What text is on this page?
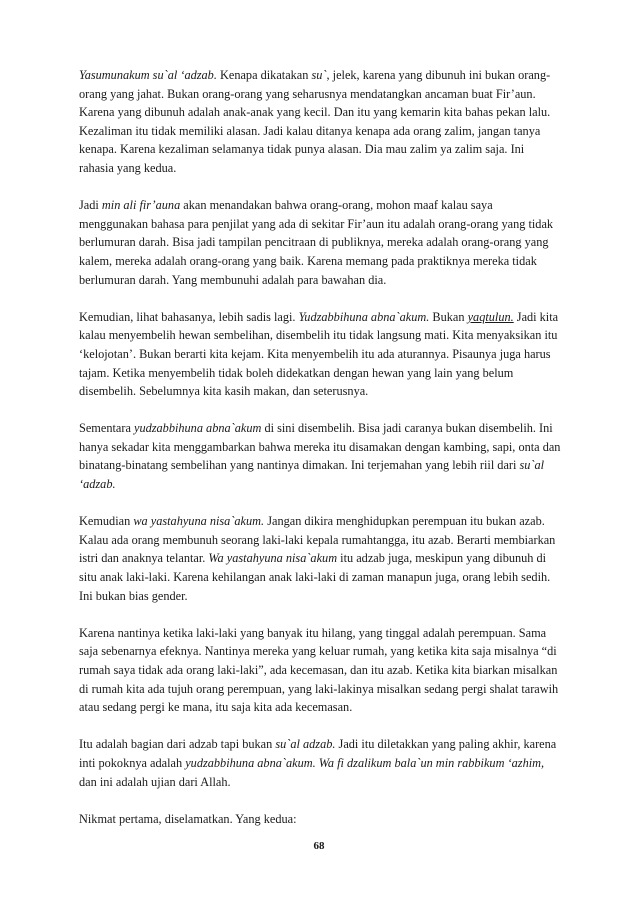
Yasumunakum su`al ‘adzab. Kenapa dikatakan su`, jelek, karena yang dibunuh ini bukan orang-orang yang jahat. Bukan orang-orang yang seharusnya mendatangkan ancaman buat Fir’aun. Karena yang dibunuh adalah anak-anak yang kecil. Dan itu yang kemarin kita bahas pekan lalu. Kezaliman itu tidak memiliki alasan. Jadi kalau ditanya kenapa ada orang zalim, jangan tanya kenapa. Karena kezaliman selamanya tidak punya alasan. Dia mau zalim ya zalim saja. Ini rahasia yang kedua.

Jadi min ali fir’auna akan menandakan bahwa orang-orang, mohon maaf kalau saya menggunakan bahasa para penjilat yang ada di sekitar Fir’aun itu adalah orang-orang yang tidak berlumuran darah. Bisa jadi tampilan pencitraan di publiknya, mereka adalah orang-orang yang kalem, mereka adalah orang-orang yang baik. Karena memang pada praktiknya mereka tidak berlumuran darah. Yang membunuhi adalah para bawahan dia.

Kemudian, lihat bahasanya, lebih sadis lagi. Yudzabbihuna abna`akum. Bukan yaqtulun. Jadi kita kalau menyembelih hewan sembelihan, disembelih itu tidak langsung mati. Kita menyaksikan itu ‘kelojotan’. Bukan berarti kita kejam. Kita menyembelih itu ada aturannya. Pisaunya juga harus tajam. Ketika menyembelih tidak boleh didekatkan dengan hewan yang lain yang belum disembelih. Sebelumnya kita kasih makan, dan seterusnya.

Sementara yudzabbihuna abna`akum di sini disembelih. Bisa jadi caranya bukan disembelih. Ini hanya sekadar kita menggambarkan bahwa mereka itu disamakan dengan kambing, sapi, onta dan binatang-binatang sembelihan yang nantinya dimakan. Ini terjemahan yang lebih riil dari su`al ‘adzab.

Kemudian wa yastahyuna nisa`akum. Jangan dikira menghidupkan perempuan itu bukan azab. Kalau ada orang membunuh seorang laki-laki kepala rumahtangga, itu azab. Berarti membiarkan istri dan anaknya telantar. Wa yastahyuna nisa`akum itu adzab juga, meskipun yang dibunuh di situ anak laki-laki. Karena kehilangan anak laki-laki di zaman manapun juga, orang lebih sedih. Ini bukan bias gender.

Karena nantinya ketika laki-laki yang banyak itu hilang, yang tinggal adalah perempuan. Sama saja sebenarnya efeknya. Nantinya mereka yang keluar rumah, yang ketika kita saja misalnya “di rumah saya tidak ada orang laki-laki”, ada kecemasan, dan itu azab. Ketika kita biarkan misalkan di rumah kita ada tujuh orang perempuan, yang laki-lakinya misalkan sedang pergi shalat tarawih atau sedang pergi ke mana, itu saja kita ada kecemasan.

Itu adalah bagian dari adzab tapi bukan su`al adzab. Jadi itu diletakkan yang paling akhir, karena inti pokoknya adalah yudzabbihuna abna`akum. Wa fi dzalikum bala`un min rabbikum ‘azhim, dan ini adalah ujian dari Allah.

Nikmat pertama, diselamatkan. Yang kedua:

68
